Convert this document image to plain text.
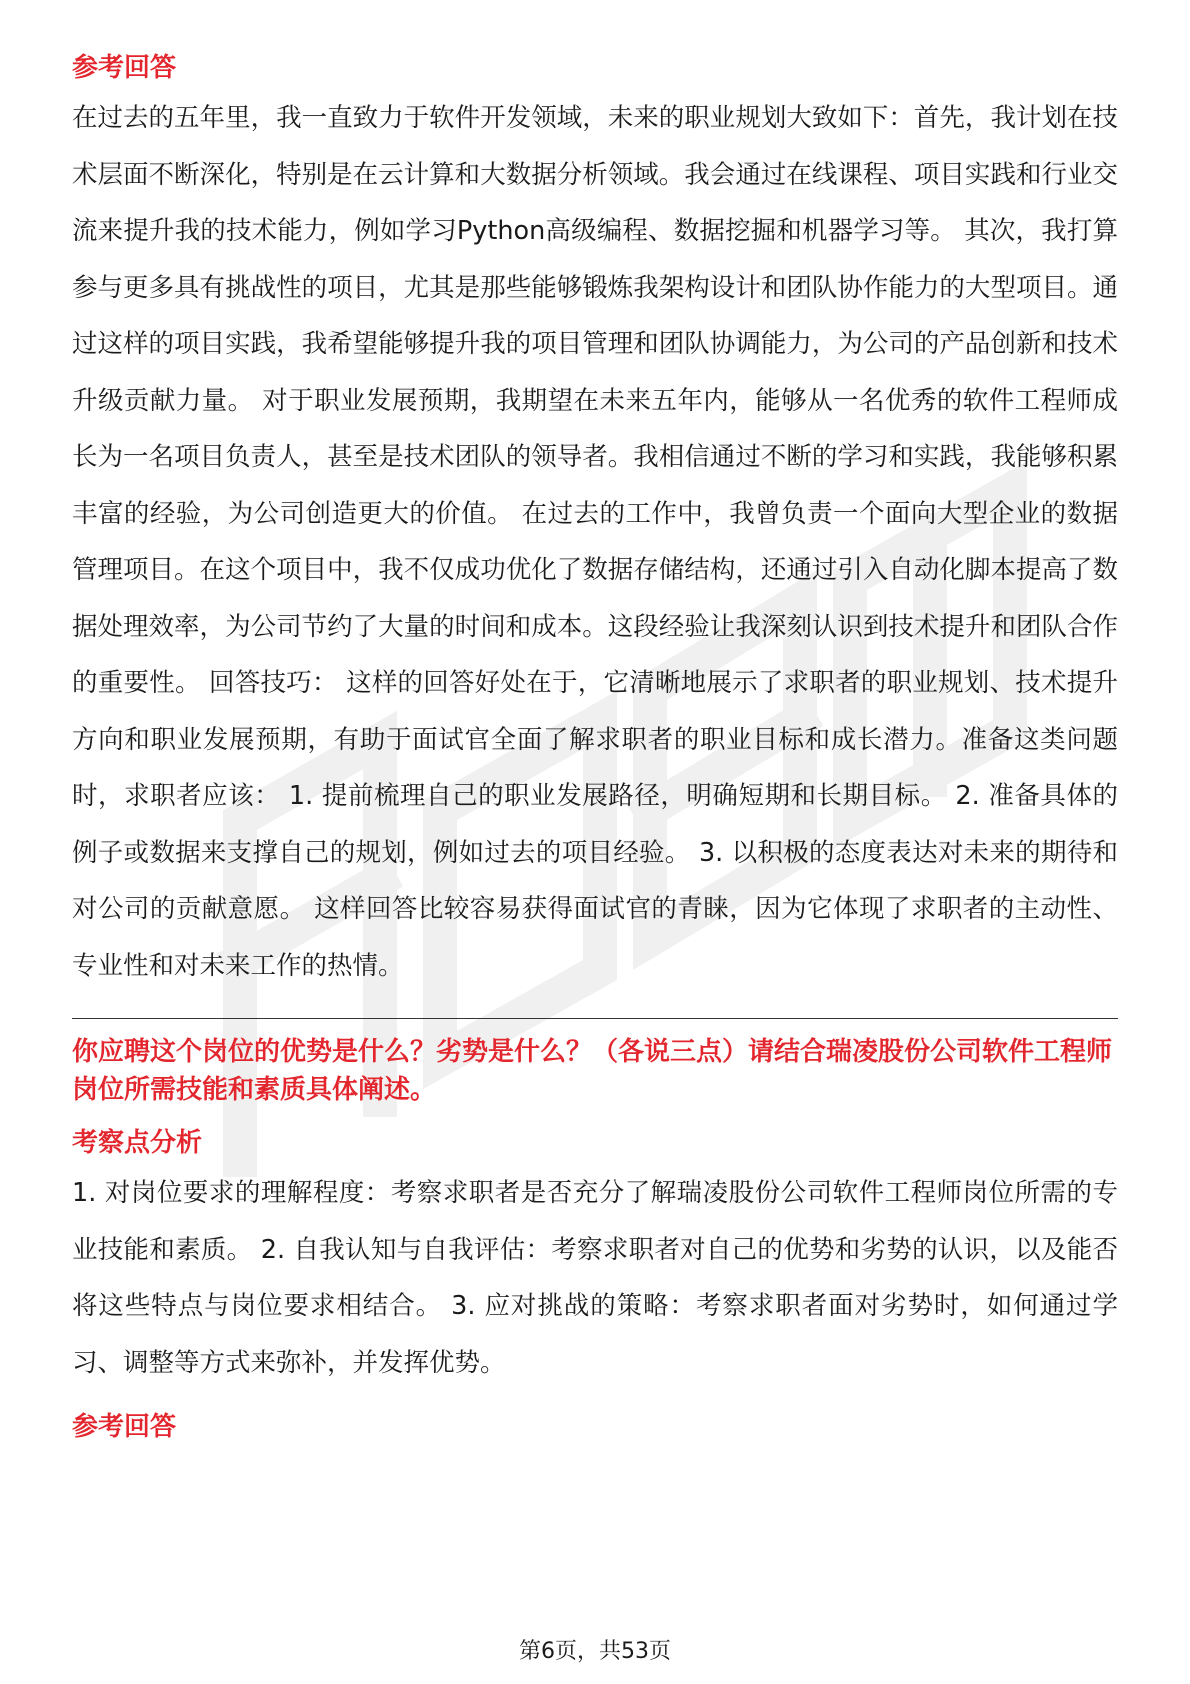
参考回答

在过去的五年里，我一直致力于软件开发领域，未来的职业规划大致如下：首先，我计划在技术层面不断深化，特别是在云计算和大数据分析领域。我会通过在线课程、项目实践和行业交流来提升我的技术能力，例如学习Python高级编程、数据挖掘和机器学习等。 其次，我打算参与更多具有挑战性的项目，尤其是那些能够锻炼我架构设计和团队协作能力的大型项目。通过这样的项目实践，我希望能够提升我的项目管理和团队协调能力，为公司的产品创新和技术升级贡献力量。 对于职业发展预期，我期望在未来五年内，能够从一名优秀的软件工程师成长为一名项目负责人，甚至是技术团队的领导者。我相信通过不断的学习和实践，我能够积累丰富的经验，为公司创造更大的价值。 在过去的工作中，我曾负责一个面向大型企业的数据管理项目。在这个项目中，我不仅成功优化了数据存储结构，还通过引入自动化脚本提高了数据处理效率，为公司节约了大量的时间和成本。这段经验让我深刻认识到技术提升和团队合作的重要性。 回答技巧： 这样的回答好处在于，它清晰地展示了求职者的职业规划、技术提升方向和职业发展预期，有助于面试官全面了解求职者的职业目标和成长潜力。准备这类问题时，求职者应该： 1. 提前梳理自己的职业发展路径，明确短期和长期目标。 2. 准备具体的例子或数据来支撑自己的规划，例如过去的项目经验。 3. 以积极的态度表达对未来的期待和对公司的贡献意愿。 这样回答比较容易获得面试官的青睐，因为它体现了求职者的主动性、专业性和对未来工作的热情。

你应聘这个岗位的优势是什么？劣势是什么？（各说三点）请结合瑞凌股份公司软件工程师岗位所需技能和素质具体阐述。
考察点分析

1. 对岗位要求的理解程度：考察求职者是否充分了解瑞凌股份公司软件工程师岗位所需的专业技能和素质。 2. 自我认知与自我评估：考察求职者对自己的优势和劣势的认识，以及能否将这些特点与岗位要求相结合。 3. 应对挑战的策略：考察求职者面对劣势时，如何通过学习、调整等方式来弥补，并发挥优势。

参考回答
第6页，共53页
